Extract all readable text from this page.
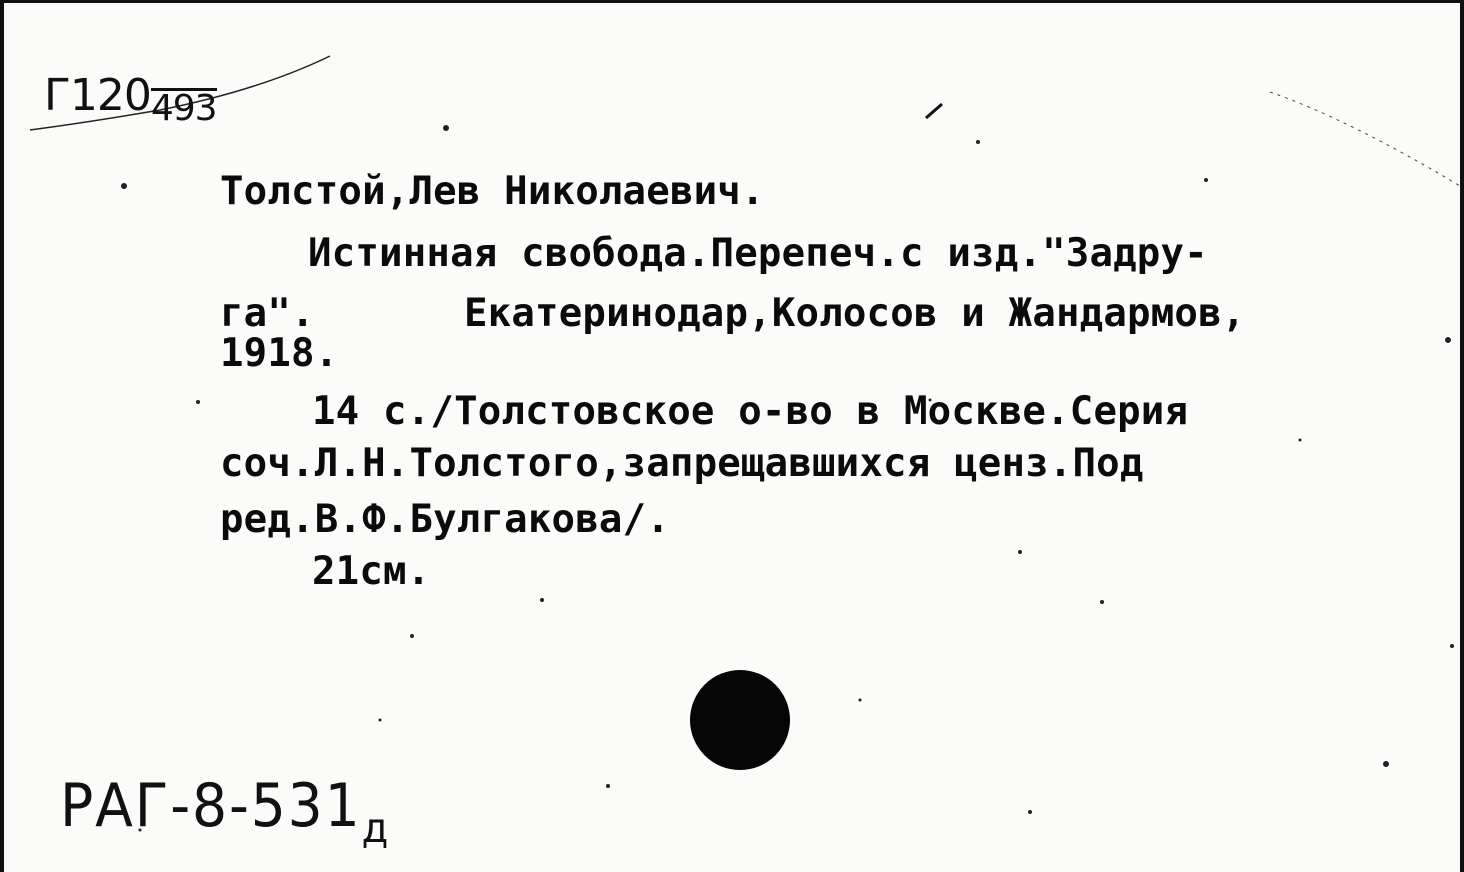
Г120493

Толстой,Лев Николаевич.

Истинная свобода.Перепеч.с изд."Задру-

га".	Екатеринодар,Колосов и Жандармов,

1918.

14 с./Толстовское о-во в Москве.Серия

соч.Л.Н.Толстого,запрещавшихся ценз.Под

ред.В.Ф.Булгакова/.

21см.

РАГ-$8-531_д$
